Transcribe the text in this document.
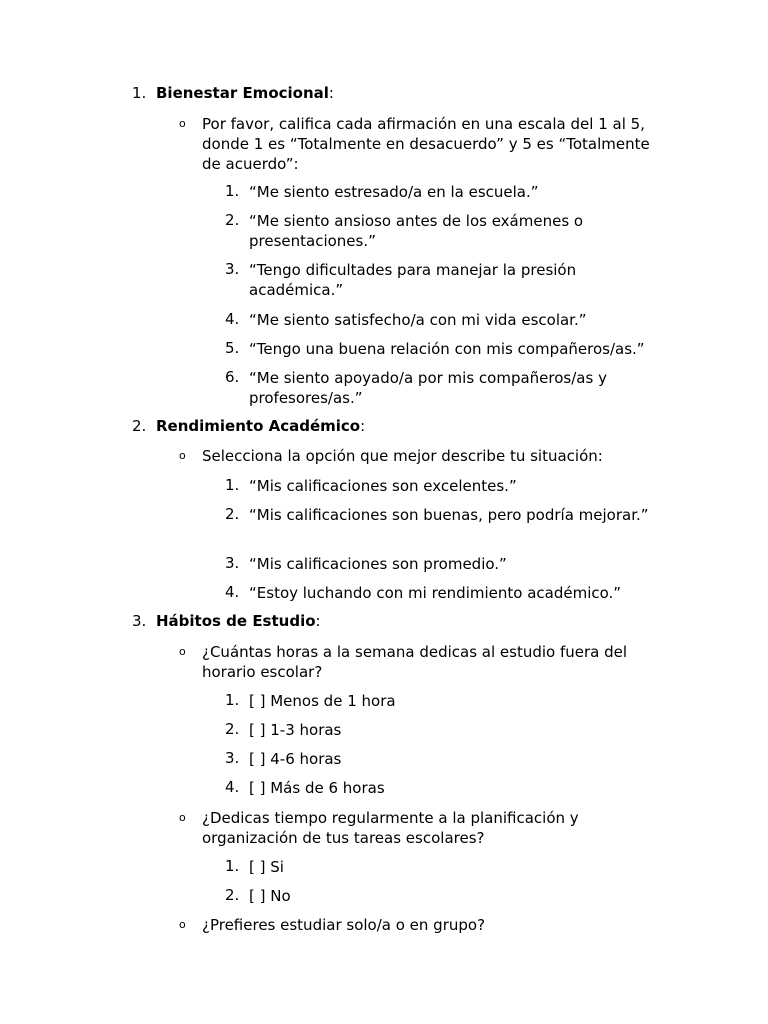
1. Bienestar Emocional:
o Por favor, califica cada afirmación en una escala del 1 al 5, donde 1 es “Totalmente en desacuerdo” y 5 es “Totalmente de acuerdo”:
1. “Me siento estresado/a en la escuela.”
2. “Me siento ansioso antes de los exámenes o presentaciones.”
3. “Tengo dificultades para manejar la presión académica.”
4. “Me siento satisfecho/a con mi vida escolar.”
5. “Tengo una buena relación con mis compañeros/as.”
6. “Me siento apoyado/a por mis compañeros/as y profesores/as.”
2. Rendimiento Académico:
o Selecciona la opción que mejor describe tu situación:
1. “Mis calificaciones son excelentes.”
2. “Mis calificaciones son buenas, pero podría mejorar.”
3. “Mis calificaciones son promedio.”
4. “Estoy luchando con mi rendimiento académico.”
3. Hábitos de Estudio:
o ¿Cuántas horas a la semana dedicas al estudio fuera del horario escolar?
1. [ ] Menos de 1 hora
2. [ ] 1-3 horas
3. [ ] 4-6 horas
4. [ ] Más de 6 horas
o ¿Dedicas tiempo regularmente a la planificación y organización de tus tareas escolares?
1. [ ] Si
2. [ ] No
o ¿Prefieres estudiar solo/a o en grupo?
